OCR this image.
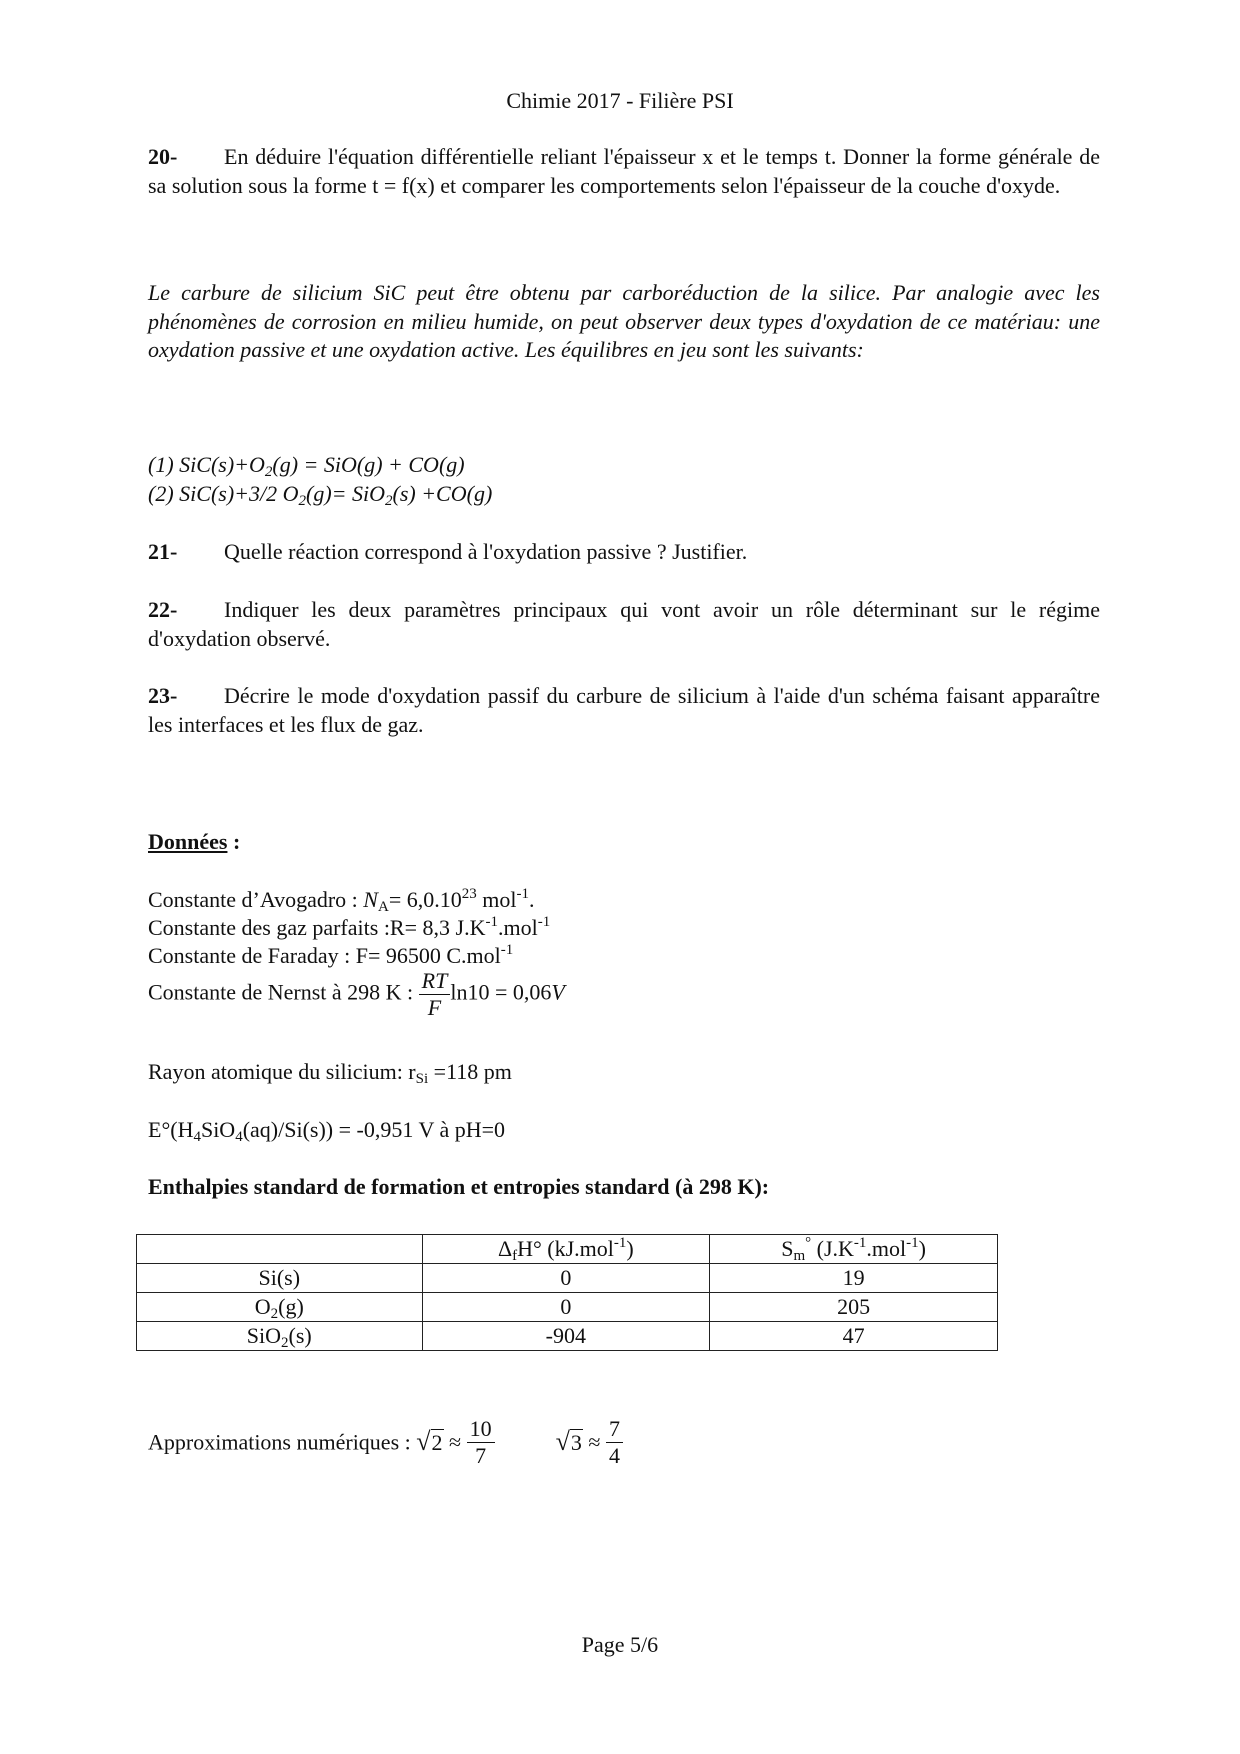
Chimie 2017 - Filière PSI
20- En déduire l'équation différentielle reliant l'épaisseur x et le temps t. Donner la forme générale de sa solution sous la forme t = f(x) et comparer les comportements selon l'épaisseur de la couche d'oxyde.
Le carbure de silicium SiC peut être obtenu par carboréduction de la silice. Par analogie avec les phénomènes de corrosion en milieu humide, on peut observer deux types d'oxydation de ce matériau: une oxydation passive et une oxydation active. Les équilibres en jeu sont les suivants:
(1) $SiC(s)+O_2(g) = SiO(g) + CO(g)$
(2) SiC(s)+3/2 $O_2(g)= SiO_2(s) +CO(g)$
21- Quelle réaction correspond à l'oxydation passive ? Justifier.
22- Indiquer les deux paramètres principaux qui vont avoir un rôle déterminant sur le régime d'oxydation observé.
23- Décrire le mode d'oxydation passif du carbure de silicium à l'aide d'un schéma faisant apparaître les interfaces et les flux de gaz.
Données :
Constante d’Avogadro : $N_A= 6,0.10^{23}$ mol$^{-1}$.
Constante des gaz parfaits :R= 8,3 $J.K^{-1}.mol^{-1}$
Constante de Faraday : F= 96500 C.mol$^{-1}$
Constante de Nernst à 298 K : $\frac{RT}{F} \ln 10 = 0,06V$
Rayon atomique du silicium: $r_{Si} =118$ pm
$E^\circ(H_4SiO_4(aq)/Si(s)) = -0,951$ V à pH=0
Enthalpies standard de formation et entropies standard (à 298 K):
	$\Delta_fH^\circ$ (kJ.mol$^{-1}$)	$S_m^\circ$ $(J.K^{-1}.mol^{-1})$
Si(s)	0	19
$O_2(g)$	0	205
SiO$_2$(s)	-904	47
Approximations numériques : $√2 \approx \frac{10}{7} √3 \approx \frac{7}{4}$
Page 5/6
